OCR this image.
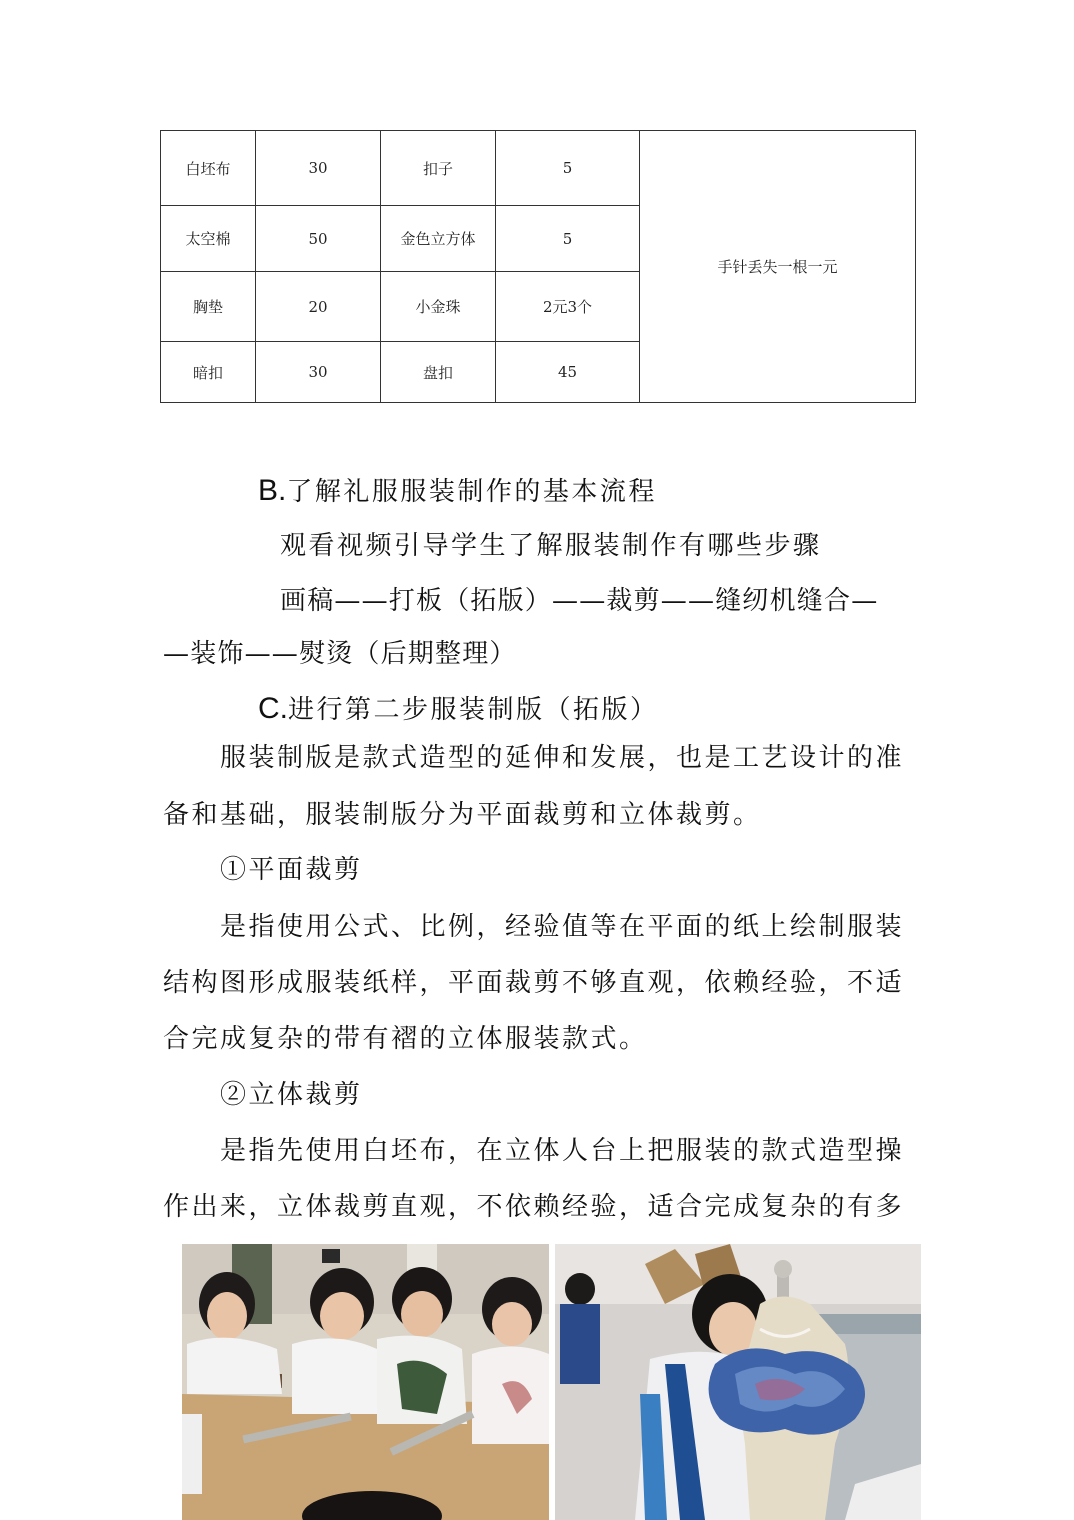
白坯布	30	扣子	5	手针丢失一根一元
太空棉	50	金色立方体	5	
胸垫	20	小金珠	2元3个	
暗扣	30	盘扣	45	
B.了解礼服服装制作的基本流程
观看视频引导学生了解服装制作有哪些步骤
画稿——打板（拓版）——裁剪——缝纫机缝合—
—装饰——熨烫（后期整理）
C.进行第二步服装制版（拓版）
服装制版是款式造型的延伸和发展，也是工艺设计的准
备和基础，服装制版分为平面裁剪和立体裁剪。
①平面裁剪
是指使用公式、比例，经验值等在平面的纸上绘制服装
结构图形成服装纸样，平面裁剪不够直观，依赖经验，不适
合完成复杂的带有褶的立体服装款式。
②立体裁剪
是指先使用白坯布，在立体人台上把服装的款式造型操
作出来，立体裁剪直观，不依赖经验，适合完成复杂的有多
